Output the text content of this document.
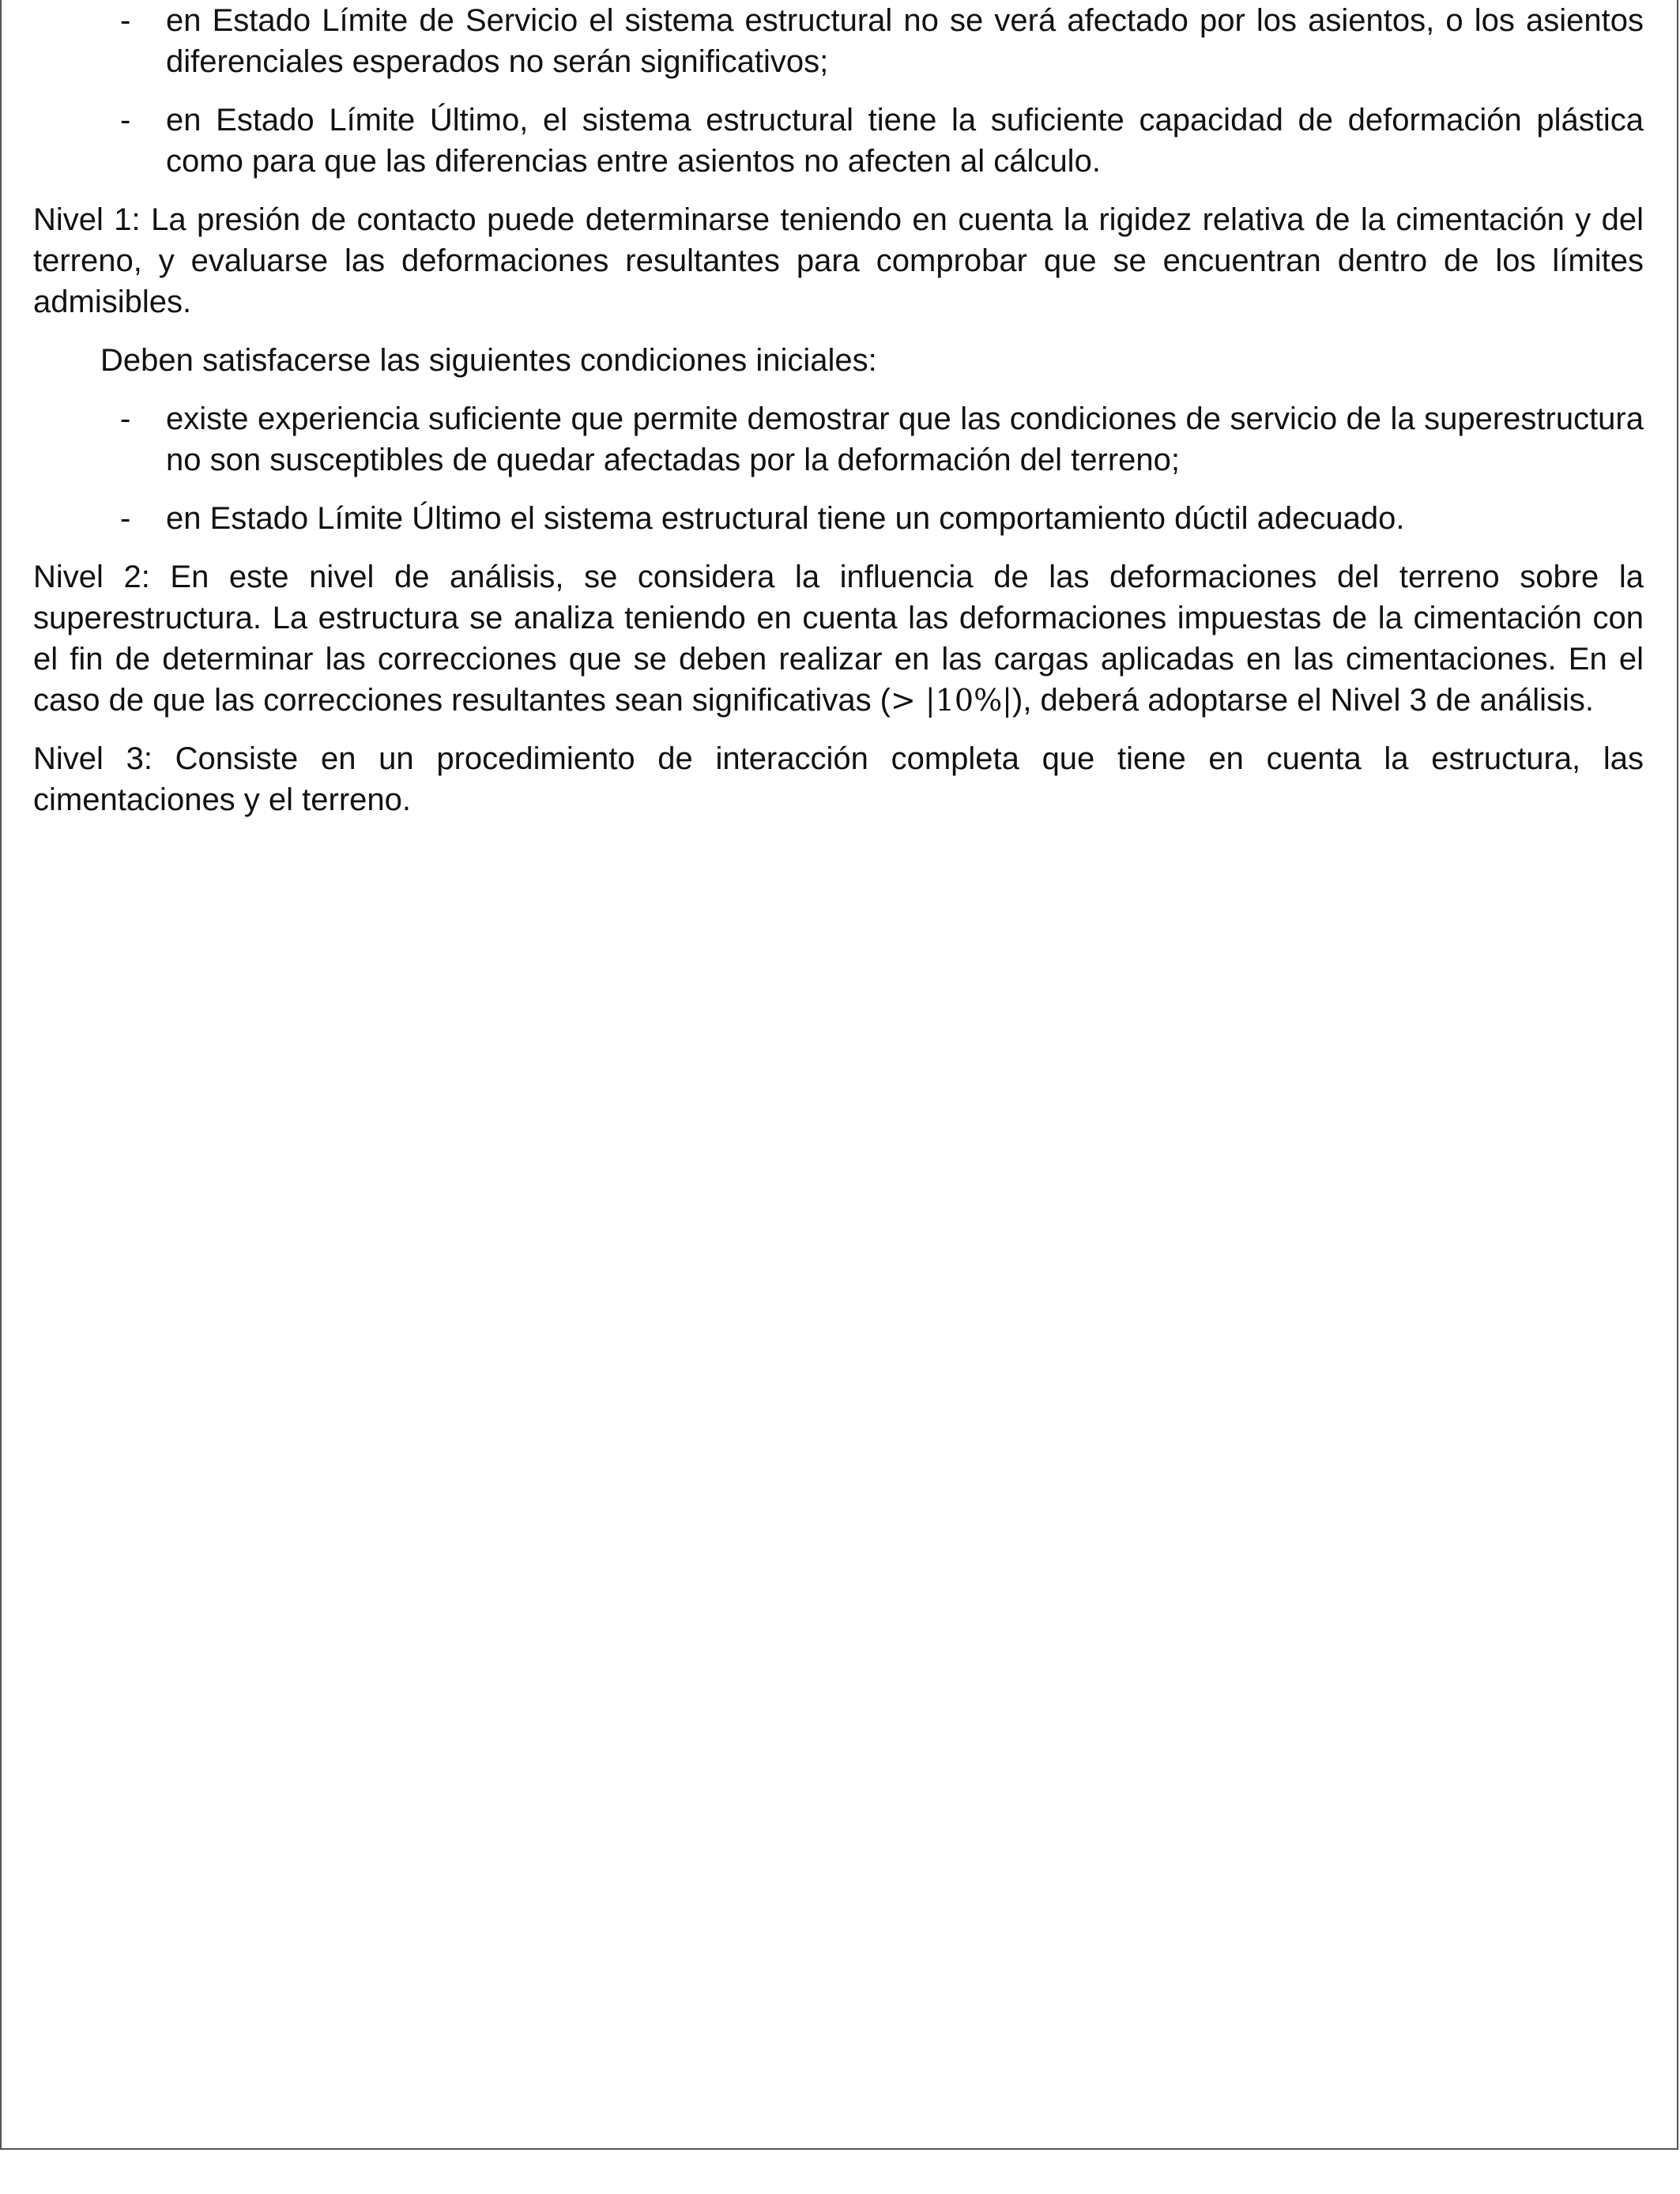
- en Estado Límite de Servicio el sistema estructural no se verá afectado por los asientos, o los asientos diferenciales esperados no serán significativos;
- en Estado Límite Último, el sistema estructural tiene la suficiente capacidad de deformación plástica como para que las diferencias entre asientos no afecten al cálculo.

Nivel 1: La presión de contacto puede determinarse teniendo en cuenta la rigidez relativa de la cimentación y del terreno, y evaluarse las deformaciones resultantes para comprobar que se encuentran dentro de los límites admisibles.

Deben satisfacerse las siguientes condiciones iniciales:

- existe experiencia suficiente que permite demostrar que las condiciones de servicio de la superestructura no son susceptibles de quedar afectadas por la deformación del terreno;
- en Estado Límite Último el sistema estructural tiene un comportamiento dúctil adecuado.

Nivel 2: En este nivel de análisis, se considera la influencia de las deformaciones del terreno sobre la superestructura. La estructura se analiza teniendo en cuenta las deformaciones impuestas de la cimentación con el fin de determinar las correcciones que se deben realizar en las cargas aplicadas en las cimentaciones. En el caso de que las correcciones resultantes sean significativas (> |10%|), deberá adoptarse el Nivel 3 de análisis.

Nivel 3: Consiste en un procedimiento de interacción completa que tiene en cuenta la estructura, las cimentaciones y el terreno.
